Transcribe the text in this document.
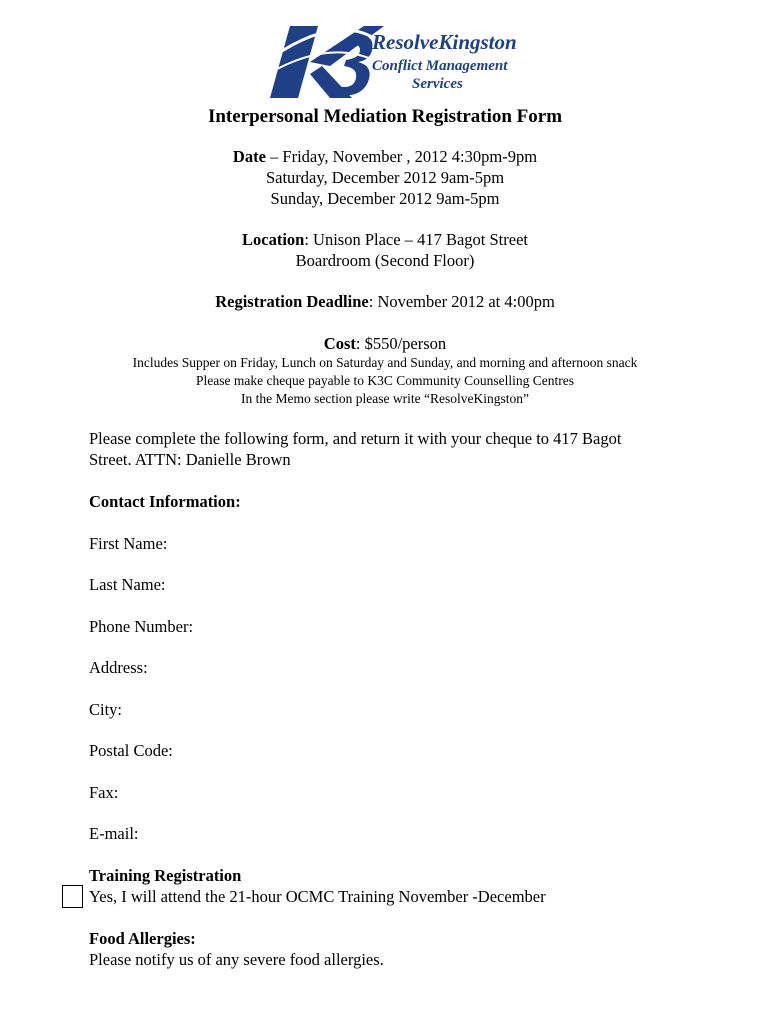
ResolveKingston
Conflict Management
Services
Interpersonal Mediation Registration Form
Date – Friday, November , 2012 4:30pm-9pm
Saturday, December 2012 9am-5pm
Sunday, December 2012 9am-5pm
Location: Unison Place – 417 Bagot Street
Boardroom (Second Floor)
Registration Deadline: November 2012 at 4:00pm
Cost: $550/person
Includes Supper on Friday, Lunch on Saturday and Sunday, and morning and afternoon snack
Please make cheque payable to K3C Community Counselling Centres
In the Memo section please write “ResolveKingston”
Please complete the following form, and return it with your cheque to 417 Bagot
Street. ATTN: Danielle Brown
Contact Information:
First Name:
Last Name:
Phone Number:
Address:
City:
Postal Code:
Fax:
E-mail:
Training Registration
Yes, I will attend the 21-hour OCMC Training November -December
Food Allergies:
Please notify us of any severe food allergies.
